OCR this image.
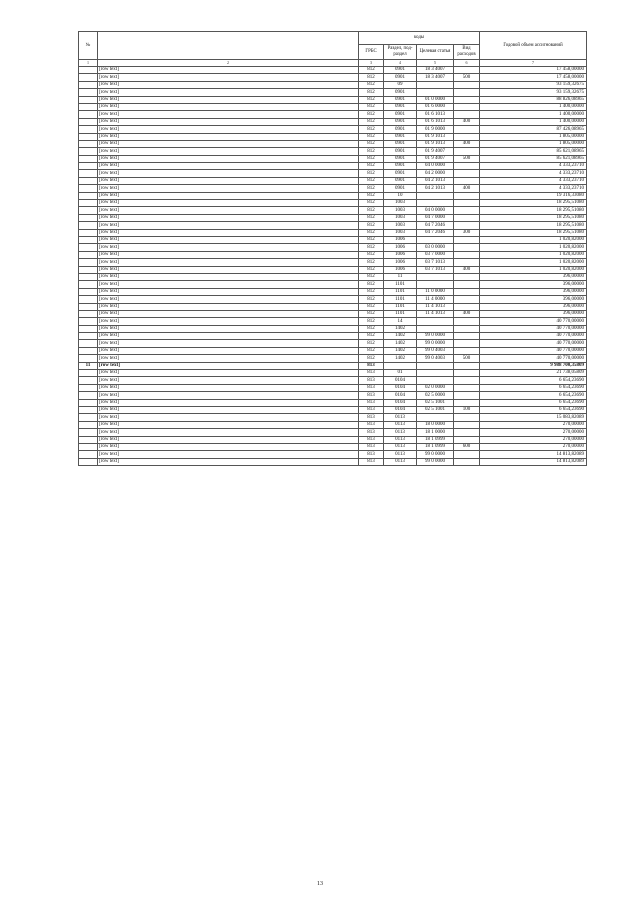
№		коды				Годовой объем ассигнований
		ГРБС	Раздел, под-раздел	Целевая статья	Вид расходов	
1	2	3	4	5	6	7
	[row text]	812	0901	18 3 4007		17 458,00000
	[row text]	812	0901	18 3 4007	500	17 458,00000
	[row text]	812	09			93 159,32675
	[row text]	812	0901			93 159,32675
	[row text]	812	0901	01 0 0000		88 826,08965
	[row text]	812	0901	01 6 0000		1 400,00000
	[row text]	812	0901	01 6 1013		1 400,00000
	[row text]	812	0901	01 6 1013	400	1 400,00000
	[row text]	812	0901	01 9 0000		87 426,08965
	[row text]	812	0901	01 9 1013		1 805,00000
	[row text]	812	0901	01 9 1013	400	1 805,00000
	[row text]	812	0901	01 9 4007		85 621,08965
	[row text]	812	0901	01 9 4007	500	85 621,08965
	[row text]	812	0901	04 0 0000		4 333,23710
	[row text]	812	0901	04 2 0000		4 333,23710
	[row text]	812	0901	04 2 1013		4 333,23710
	[row text]	812	0901	04 2 1013	400	4 333,23710
	[row text]	812	10			19 316,33080
	[row text]	812	1003			18 295,51080
	[row text]	812	1003	04 0 0000		18 295,51080
	[row text]	812	1003	04 7 0000		18 295,51080
	[row text]	812	1003	04 7 2046		18 295,51080
	[row text]	812	1003	04 7 2046	300	18 295,51080
	[row text]	812	1006			1 020,82000
	[row text]	812	1006	03 0 0000		1 020,82000
	[row text]	812	1006	03 7 0000		1 020,82000
	[row text]	812	1006	03 7 1013		1 020,82000
	[row text]	812	1006	03 7 1013	400	1 020,82000
	[row text]	812	11			396,00000
	[row text]	812	1101			396,00000
	[row text]	812	1101	11 0 0000		396,00000
	[row text]	812	1101	11 4 0000		396,00000
	[row text]	812	1101	11 4 1013		396,00000
	[row text]	812	1101	11 4 1013	400	396,00000
	[row text]	812	14			40 770,00000
	[row text]	812	1402			40 770,00000
	[row text]	812	1402	99 0 0000		40 770,00000
	[row text]	812	1402	99 0 0000		40 770,00000
	[row text]	812	1402	99 0 4003		40 770,00000
	[row text]	812	1402	99 0 4003	500	40 770,00000
11	[row text]	813				9 988 700,35809
	[row text]	813	01			21 738,05809
	[row text]	813	0104			6 654,23690
	[row text]	813	0104	02 0 0000		6 654,23690
	[row text]	813	0104	02 5 0000		6 654,23690
	[row text]	813	0104	02 5 1001		6 654,23690
	[row text]	813	0104	02 5 1001	100	6 654,23690
	[row text]	813	0113			15 083,82089
	[row text]	813	0113	18 0 0000		270,00000
	[row text]	813	0113	18 1 0000		270,00000
	[row text]	813	0113	18 1 0999		270,00000
	[row text]	813	0113	18 1 0999	600	270,00000
	[row text]	813	0113	99 0 0000		14 813,82089
	[row text]	813	0113	99 0 0000		14 813,82089
13
